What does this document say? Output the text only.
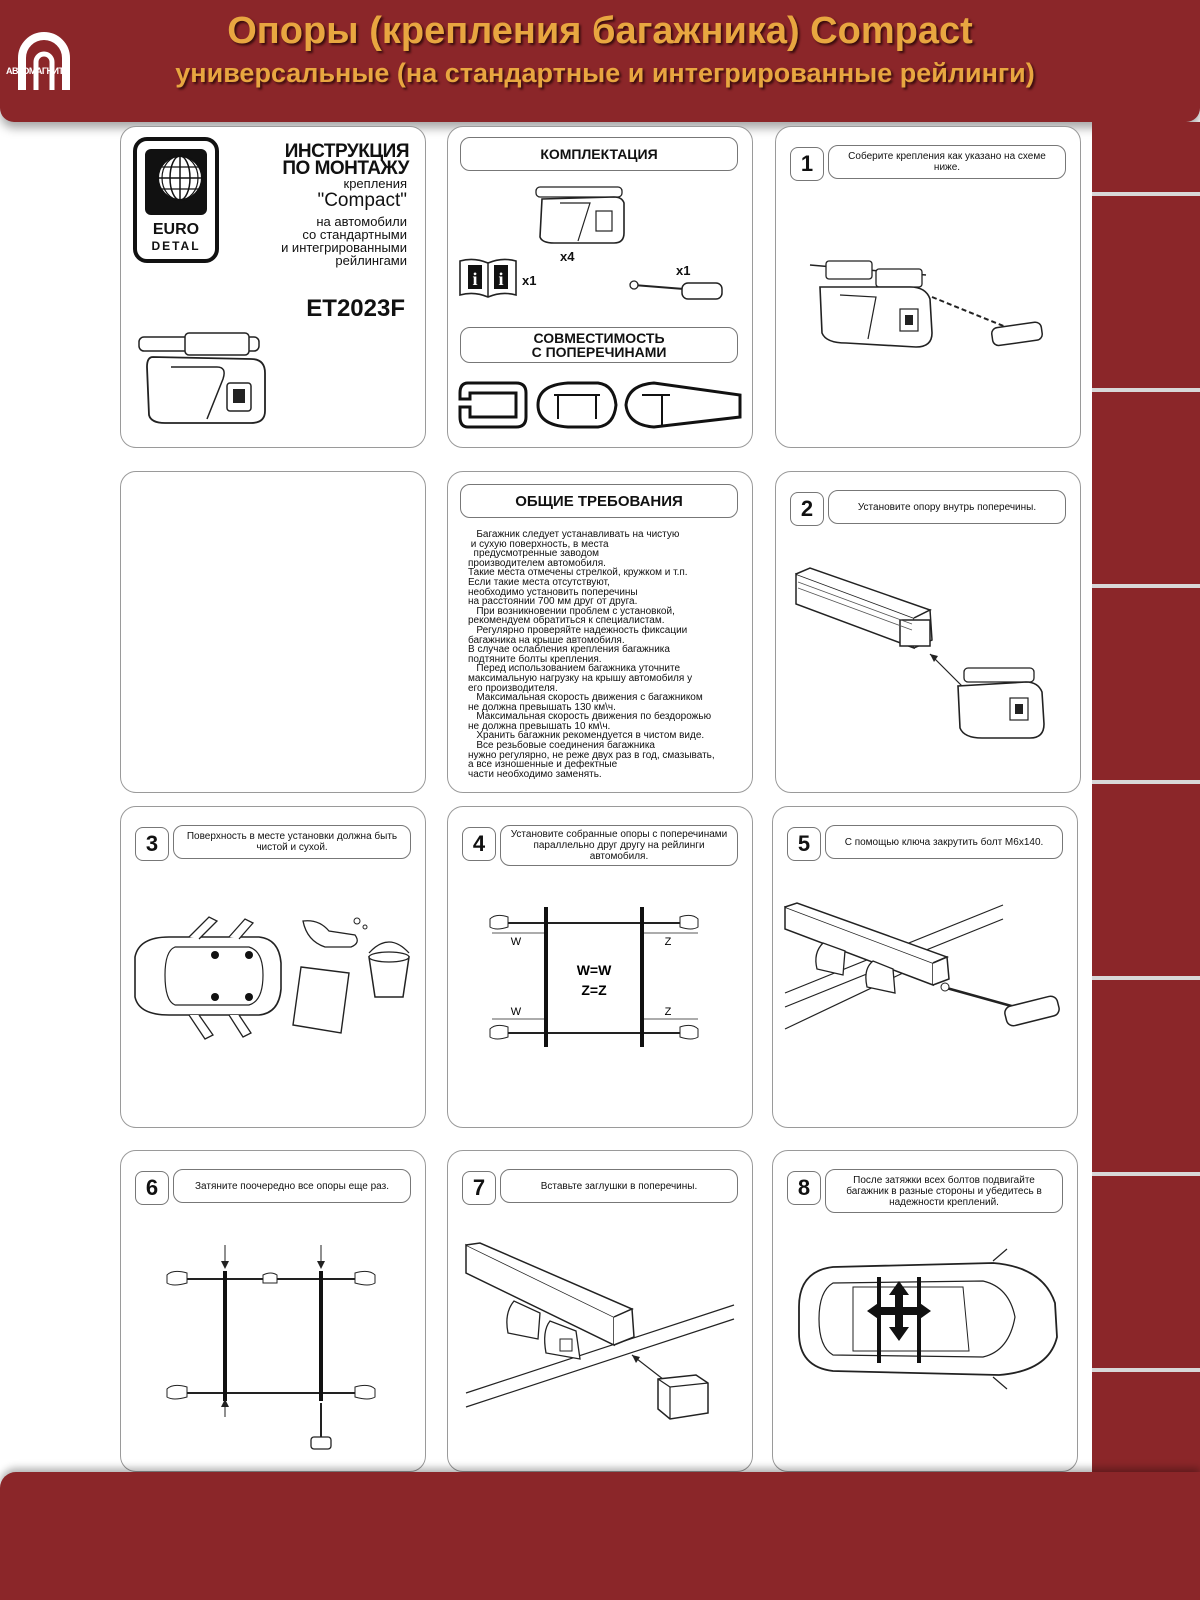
АВТОМАГНИТ
Опоры (крепления багажника) Compact
универсальные (на стандартные и интегрированные рейлинги)
EURO
DETAL
ИНСТРУКЦИЯ
ПО МОНТАЖУ
крепления
"Compact"
на автомобили
со стандартными
и интегрированными
рейлингами
ET2023F
КОМПЛЕКТАЦИЯ
x4
i i x1
x1
СОВМЕСТИМОСТЬ
С ПОПЕРЕЧИНАМИ
1	Соберите крепления как указано на схеме ниже.
ОБЩИЕ ТРЕБОВАНИЯ

Багажник следует устанавливать на чистую

и сухую поверхность, в места

предусмотренные заводом

производителем автомобиля.

Такие места отмечены стрелкой, кружком и т.п.

Если такие места отсутствуют,

необходимо установить поперечины

на расстоянии 700 мм друг от друга.

При возникновении проблем с установкой,

рекомендуем обратиться к специалистам.

Регулярно проверяйте надежность фиксации

багажника на крыше автомобиля.

В случае ослабления крепления багажника

подтяните болты крепления.

Перед использованием багажника уточните

максимальную нагрузку на крышу автомобиля у

его производителя.

Максимальная скорость движения с багажником

не должна превышать 130 км\ч.

Максимальная скорость движения по бездорожью

не должна превышать 10 км\ч.

Хранить багажник рекомендуется в чистом виде.

Все резьбовые соединения багажника

нужно регулярно, не реже двух раз в год, смазывать,

а все изношенные и дефектные

части необходимо заменять.

2	Установите опору внутрь поперечины.
3	Поверхность в месте установки должна быть чистой и сухой.	4	Установите собранные опоры с поперечинами параллельно друг другу на рейлинги автомобиля.
W	Z
W	Z
W=W
Z=Z
5	С помощью ключа закрутить болт М6х140.
6	Затяните поочередно все опоры еще раз.	7	Вставьте заглушки в поперечины.	8	После затяжки всех болтов подвигайте багажник в разные стороны и убедитесь в надежности креплений.
